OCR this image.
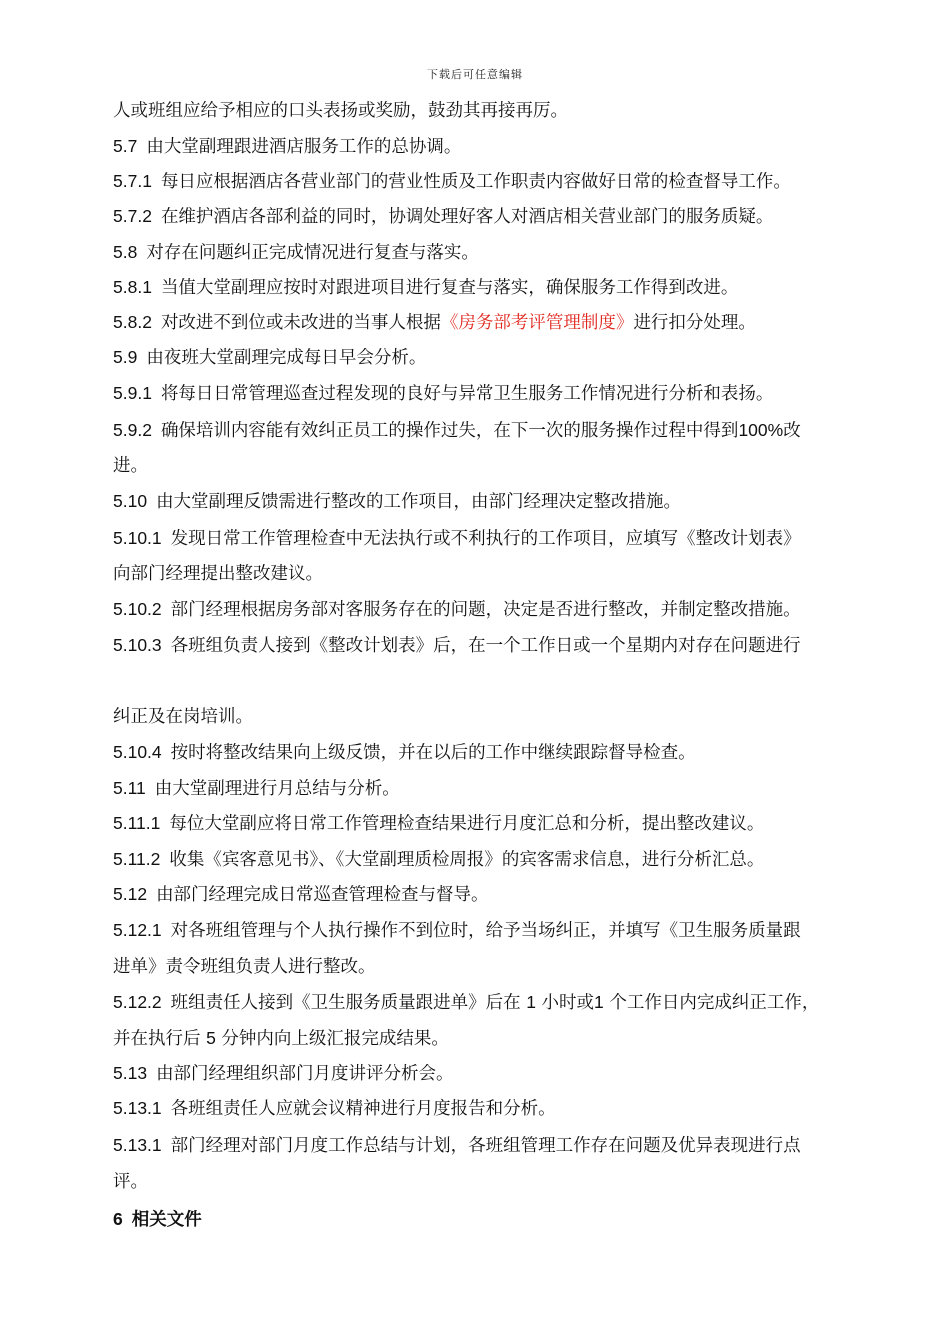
下载后可任意编辑
人或班组应给予相应的口头表扬或奖励，鼓劲其再接再厉。
5.7 由大堂副理跟进酒店服务工作的总协调。
5.7.1 每日应根据酒店各营业部门的营业性质及工作职责内容做好日常的检查督导工作。
5.7.2 在维护酒店各部利益的同时，协调处理好客人对酒店相关营业部门的服务质疑。
5.8 对存在问题纠正完成情况进行复查与落实。
5.8.1 当值大堂副理应按时对跟进项目进行复查与落实，确保服务工作得到改进。
5.8.2 对改进不到位或未改进的当事人根据《房务部考评管理制度》进行扣分处理。
5.9 由夜班大堂副理完成每日早会分析。
5.9.1 将每日日常管理巡查过程发现的良好与异常卫生服务工作情况进行分析和表扬。
5.9.2 确保培训内容能有效纠正员工的操作过失，在下一次的服务操作过程中得到100%改
进。
5.10 由大堂副理反馈需进行整改的工作项目，由部门经理决定整改措施。
5.10.1 发现日常工作管理检查中无法执行或不利执行的工作项目，应填写《整改计划表》
向部门经理提出整改建议。
5.10.2 部门经理根据房务部对客服务存在的问题，决定是否进行整改，并制定整改措施。
5.10.3 各班组负责人接到《整改计划表》后，在一个工作日或一个星期内对存在问题进行
纠正及在岗培训。
5.10.4 按时将整改结果向上级反馈，并在以后的工作中继续跟踪督导检查。
5.11 由大堂副理进行月总结与分析。
5.11.1 每位大堂副应将日常工作管理检查结果进行月度汇总和分析，提出整改建议。
5.11.2 收集《宾客意见书》、《大堂副理质检周报》的宾客需求信息，进行分析汇总。
5.12 由部门经理完成日常巡查管理检查与督导。
5.12.1 对各班组管理与个人执行操作不到位时，给予当场纠正，并填写《卫生服务质量跟
进单》责令班组负责人进行整改。
5.12.2 班组责任人接到《卫生服务质量跟进单》后在 1 小时或1 个工作日内完成纠正工作，
并在执行后 5 分钟内向上级汇报完成结果。
5.13 由部门经理组织部门月度讲评分析会。
5.13.1 各班组责任人应就会议精神进行月度报告和分析。
5.13.1 部门经理对部门月度工作总结与计划，各班组管理工作存在问题及优异表现进行点
评。
6 相关文件
